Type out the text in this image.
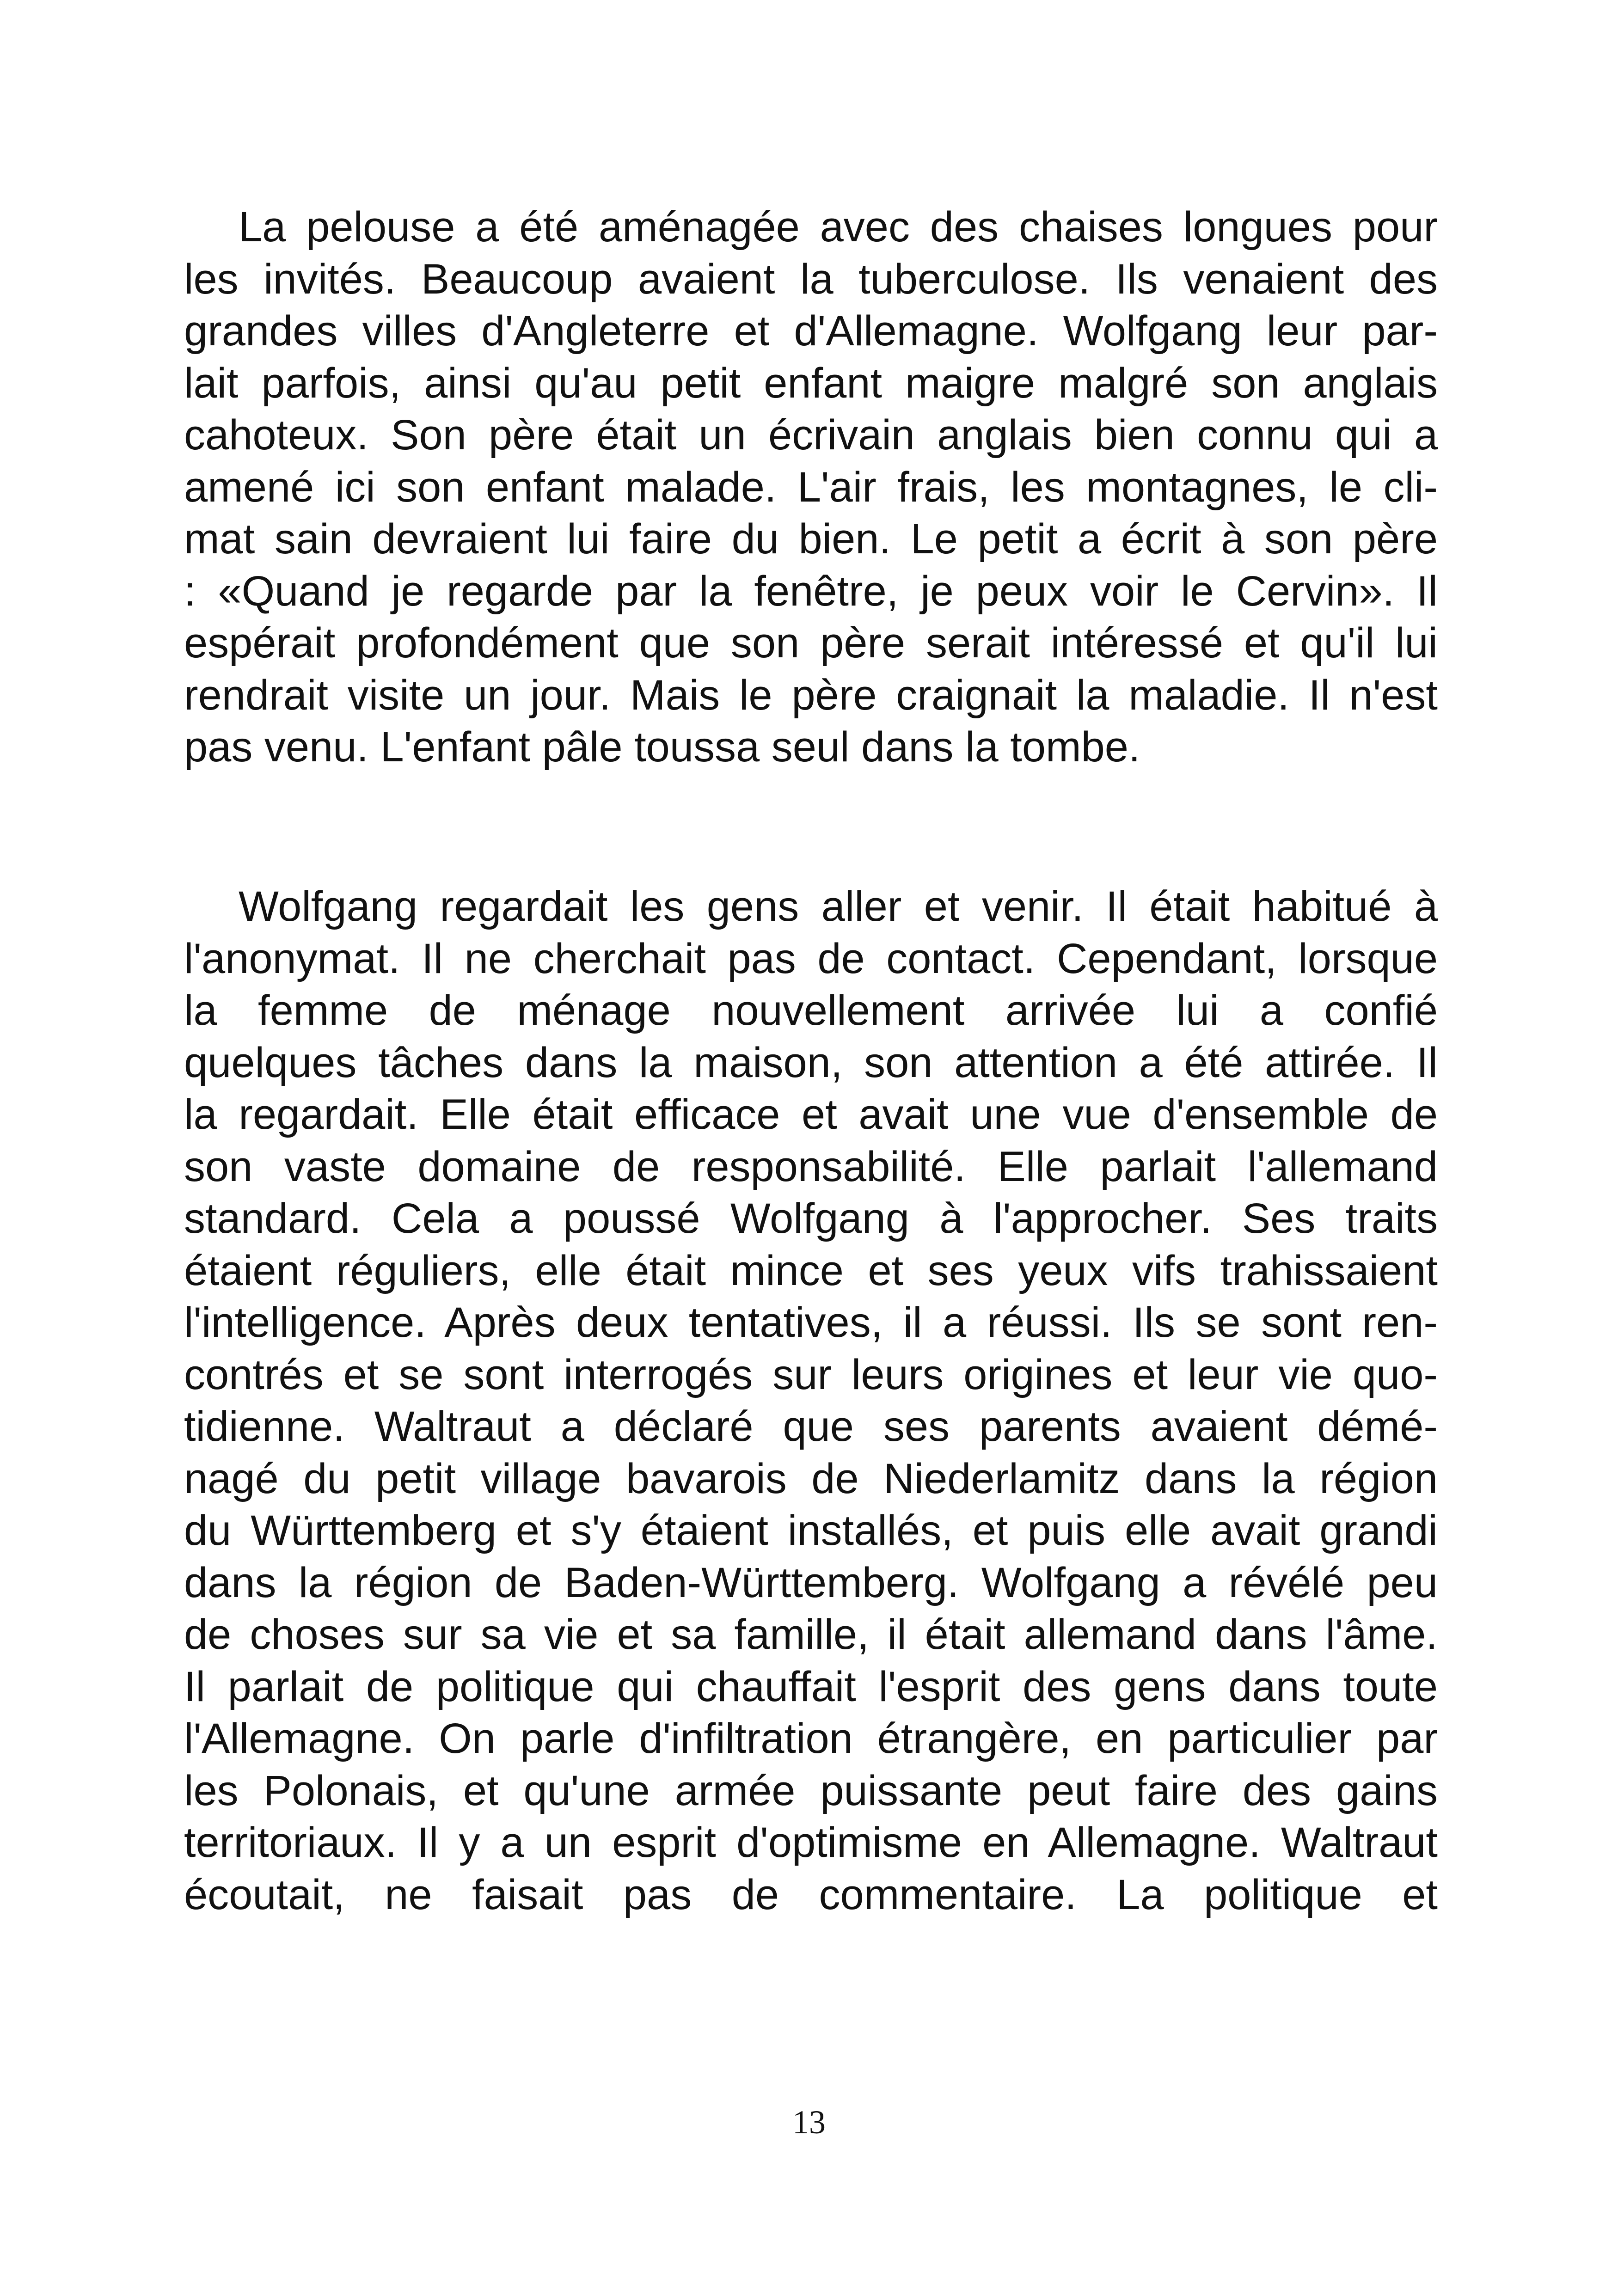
La pelouse a été aménagée avec des chaises longues pour
les invités. Beaucoup avaient la tuberculose. Ils venaient des
grandes villes d'Angleterre et d'Allemagne. Wolfgang leur par-
lait parfois, ainsi qu'au petit enfant maigre malgré son anglais
cahoteux. Son père était un écrivain anglais bien connu qui a
amené ici son enfant malade. L'air frais, les montagnes, le cli-
mat sain devraient lui faire du bien. Le petit a écrit à son père
: «Quand je regarde par la fenêtre, je peux voir le Cervin». Il
espérait profondément que son père serait intéressé et qu'il lui
rendrait visite un jour. Mais le père craignait la maladie. Il n'est
pas venu. L'enfant pâle toussa seul dans la tombe.
Wolfgang regardait les gens aller et venir. Il était habitué à
l'anonymat. Il ne cherchait pas de contact. Cependant, lorsque
la femme de ménage nouvellement arrivée lui a confié
quelques tâches dans la maison, son attention a été attirée. Il
la regardait. Elle était efficace et avait une vue d'ensemble de
son vaste domaine de responsabilité. Elle parlait l'allemand
standard. Cela a poussé Wolfgang à l'approcher. Ses traits
étaient réguliers, elle était mince et ses yeux vifs trahissaient
l'intelligence. Après deux tentatives, il a réussi. Ils se sont ren-
contrés et se sont interrogés sur leurs origines et leur vie quo-
tidienne. Waltraut a déclaré que ses parents avaient démé-
nagé du petit village bavarois de Niederlamitz dans la région
du Württemberg et s'y étaient installés, et puis elle avait grandi
dans la région de Baden-Württemberg. Wolfgang a révélé peu
de choses sur sa vie et sa famille, il était allemand dans l'âme.
Il parlait de politique qui chauffait l'esprit des gens dans toute
l'Allemagne. On parle d'infiltration étrangère, en particulier par
les Polonais, et qu'une armée puissante peut faire des gains
territoriaux. Il y a un esprit d'optimisme en Allemagne. Waltraut
écoutait, ne faisait pas de commentaire. La politique et
13
